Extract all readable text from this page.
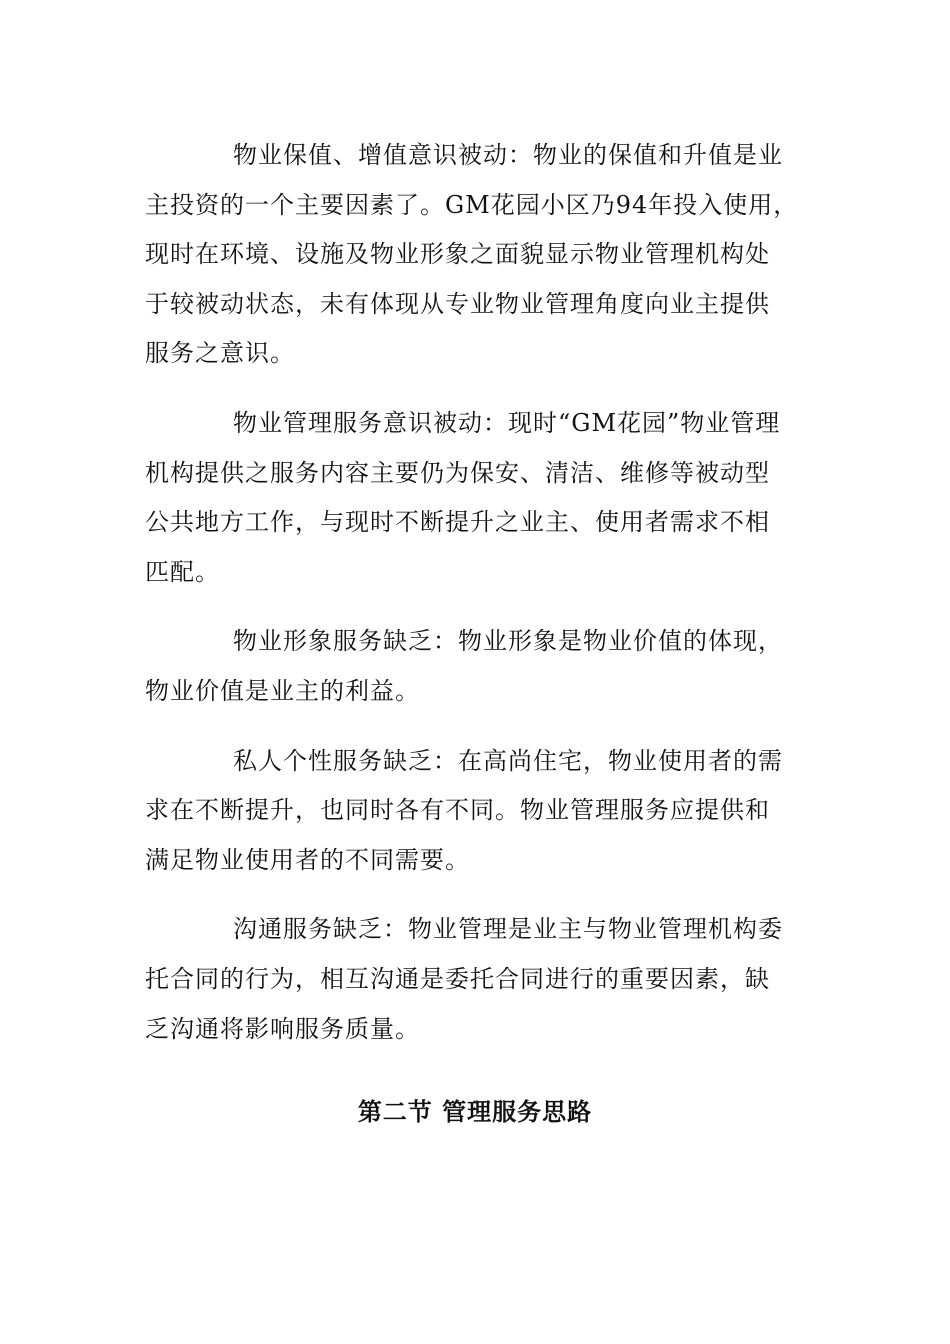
物业保值、增值意识被动：物业的保值和升值是业
主投资的一个主要因素了。GM花园小区乃94年投入使用，
现时在环境、设施及物业形象之面貌显示物业管理机构处
于较被动状态，未有体现从专业物业管理角度向业主提供
服务之意识。

物业管理服务意识被动：现时“GM花园”物业管理
机构提供之服务内容主要仍为保安、清洁、维修等被动型
公共地方工作，与现时不断提升之业主、使用者需求不相
匹配。

物业形象服务缺乏：物业形象是物业价值的体现，
物业价值是业主的利益。

私人个性服务缺乏：在高尚住宅，物业使用者的需
求在不断提升，也同时各有不同。物业管理服务应提供和
满足物业使用者的不同需要。

沟通服务缺乏：物业管理是业主与物业管理机构委
托合同的行为，相互沟通是委托合同进行的重要因素，缺
乏沟通将影响服务质量。

第二节 管理服务思路
